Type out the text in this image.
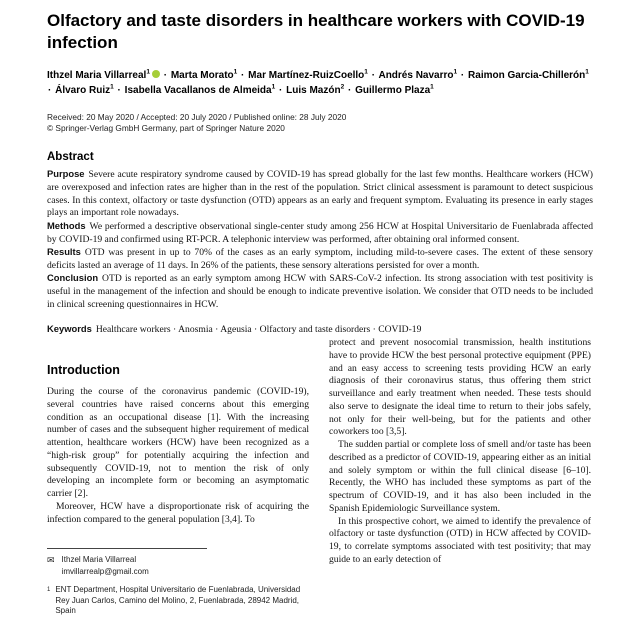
Olfactory and taste disorders in healthcare workers with COVID-19 infection
Ithzel Maria Villarreal$^1$ · Marta Morato$^1$ · Mar Martínez-RuizCoello$^1$ · Andrés Navarro$^1$ · Raimon Garcia-Chillerón$^1$ · Álvaro Ruiz$^1$ · Isabella Vacallanos de Almeida$^1$ · Luis Mazón$^2$ · Guillermo Plaza$^1$
Received: 20 May 2020 / Accepted: 20 July 2020 / Published online: 28 July 2020
© Springer-Verlag GmbH Germany, part of Springer Nature 2020
Abstract

Purpose Severe acute respiratory syndrome caused by COVID-19 has spread globally for the last few months. Healthcare workers (HCW) are overexposed and infection rates are higher than in the rest of the population. Strict clinical assessment is paramount to detect suspicious cases. In this context, olfactory or taste dysfunction (OTD) appears as an early and frequent symptom. Evaluating its presence in early stages plays an important role nowadays.

Methods We performed a descriptive observational single-center study among 256 HCW at Hospital Universitario de Fuenlabrada affected by COVID-19 and confirmed using RT-PCR. A telephonic interview was performed, after obtaining oral informed consent.

Results OTD was present in up to 70% of the cases as an early symptom, including mild-to-severe cases. The extent of these sensory deficits lasted an average of 11 days. In 26% of the patients, these sensory alterations persisted for over a month.

Conclusion OTD is reported as an early symptom among HCW with SARS-CoV-2 infection. Its strong association with test positivity is useful in the management of the infection and should be enough to indicate preventive isolation. We consider that OTD needs to be included in clinical screening questionnaires in HCW.

Keywords Healthcare workers · Anosmia · Ageusia · Olfactory and taste disorders · COVID-19

Introduction

During the course of the coronavirus pandemic (COVID-19), several countries have raised concerns about this emerging condition as an occupational disease [1]. With the increasing number of cases and the subsequent higher requirement of medical attention, healthcare workers (HCW) have been recognized as a “high-risk group” for potentially acquiring the infection and subsequently COVID-19, not to mention the risk of only developing an incomplete form or becoming an asymptomatic carrier [2].

Moreover, HCW have a disproportionate risk of acquiring the infection compared to the general population [3,4]. To

✉ Ithzel Maria Villarreal
imvillarrealp@gmail.com
1 ENT Department, Hospital Universitario de Fuenlabrada, Universidad Rey Juan Carlos, Camino del Molino, 2, Fuenlabrada, 28942 Madrid, Spain

protect and prevent nosocomial transmission, health institutions have to provide HCW the best personal protective equipment (PPE) and an easy access to screening tests providing HCW an early diagnosis of their coronavirus status, thus offering them strict surveillance and early treatment when needed. These tests should also serve to designate the ideal time to return to their jobs safely, not only for their well-being, but for the patients and other coworkers too [3,5].

The sudden partial or complete loss of smell and/or taste has been described as a predictor of COVID-19, appearing either as an initial and solely symptom or within the full clinical disease [6–10]. Recently, the WHO has included these symptoms as part of the spectrum of COVID-19, and it has also been included in the Spanish Epidemiologic Surveillance system.

In this prospective cohort, we aimed to identify the prevalence of olfactory or taste dysfunction (OTD) in HCW affected by COVID-19, to correlate symptoms associated with test positivity; that may guide to an early detection of
